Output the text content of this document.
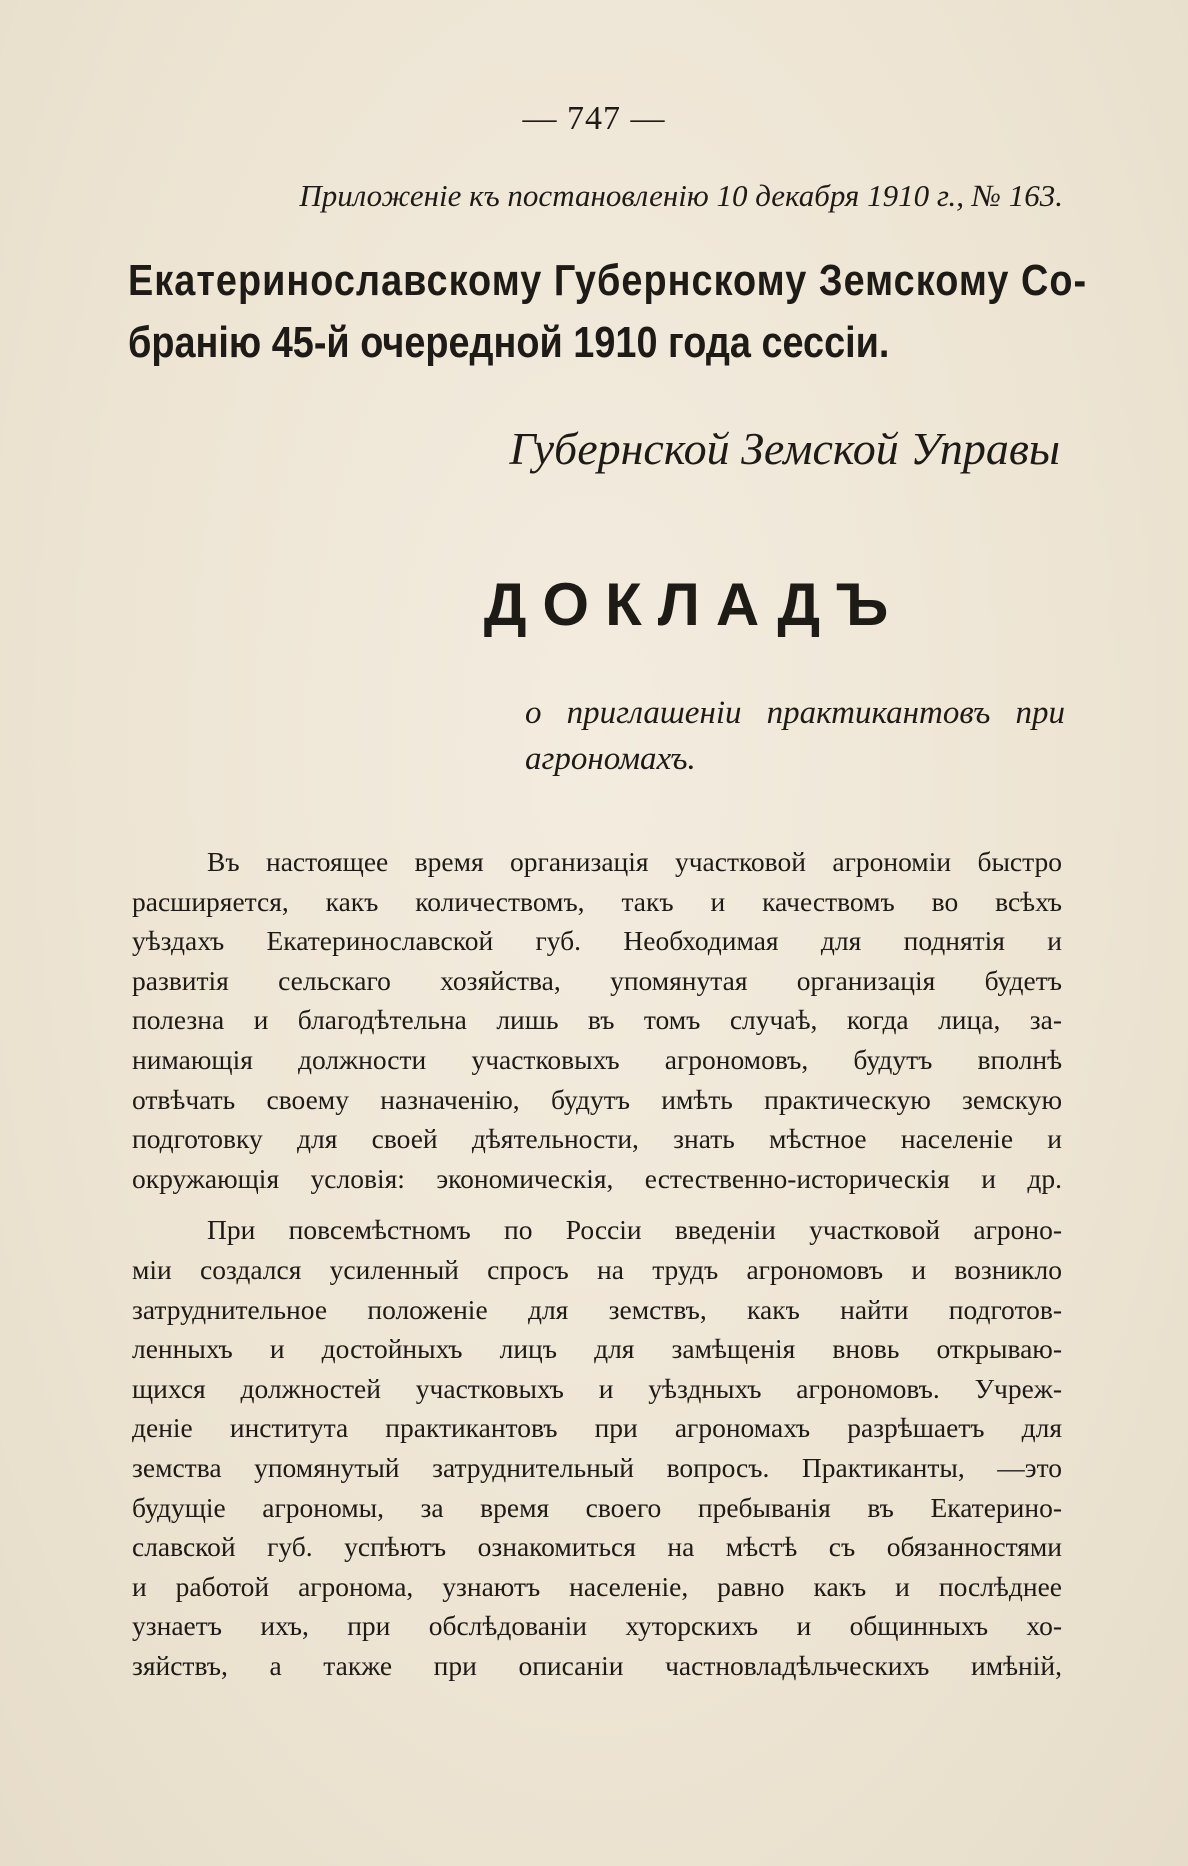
— 747 —
Приложеніе къ постановленію 10 декабря 1910 г., № 163.
Екатеринославскому Губернскому Земскому Со-
бранію 45-й очередной 1910 года сессіи.
Губернской Земской Управы
ДОКЛАДЪ
о приглашеніи практикантовъ при
агрономахъ.
Въ настоящее время организація участковой агрономіи быстро
расширяется, какъ количествомъ, такъ и качествомъ во всѣхъ
уѣздахъ Екатеринославской губ. Необходимая для поднятія и
развитія сельскаго хозяйства, упомянутая организація будетъ
полезна и благодѣтельна лишь въ томъ случаѣ, когда лица, за-
нимающія должности участковыхъ агрономовъ, будутъ вполнѣ
отвѣчать своему назначенію, будутъ имѣть практическую земскую
подготовку для своей дѣятельности, знать мѣстное населеніе и
окружающія условія: экономическія, естественно-историческія и др.
При повсемѣстномъ по Россіи введеніи участковой агроно-
міи создался усиленный спросъ на трудъ агрономовъ и возникло
затруднительное положеніе для земствъ, какъ найти подготов-
ленныхъ и достойныхъ лицъ для замѣщенія вновь открываю-
щихся должностей участковыхъ и уѣздныхъ агрономовъ. Учреж-
деніе института практикантовъ при агрономахъ разрѣшаетъ для
земства упомянутый затруднительный вопросъ. Практиканты, —это
будущіе агрономы, за время своего пребыванія въ Екатерино-
славской губ. успѣютъ ознакомиться на мѣстѣ съ обязанностями
и работой агронома, узнаютъ населеніе, равно какъ и послѣднее
узнаетъ ихъ, при обслѣдованіи хуторскихъ и общинныхъ хо-
зяйствъ, а также при описаніи частновладѣльческихъ имѣній,
